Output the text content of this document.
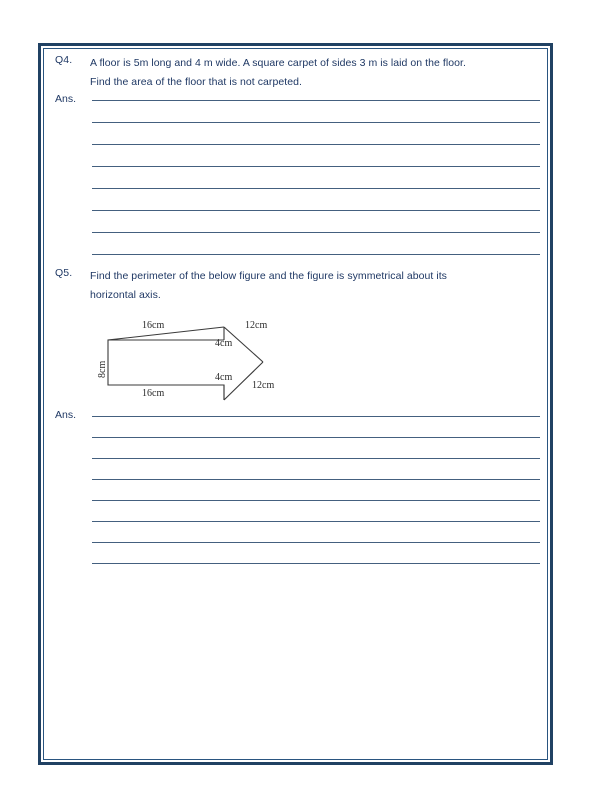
Q4. A floor is 5m long and 4 m wide. A square carpet of sides 3 m is laid on the floor.
Find the area of the floor that is not carpeted.
Ans.
Q5. Find the perimeter of the below figure and the figure is symmetrical about its
horizontal axis.
16cm
16cm
8cm
4cm
4cm
12cm
12cm
Ans.
